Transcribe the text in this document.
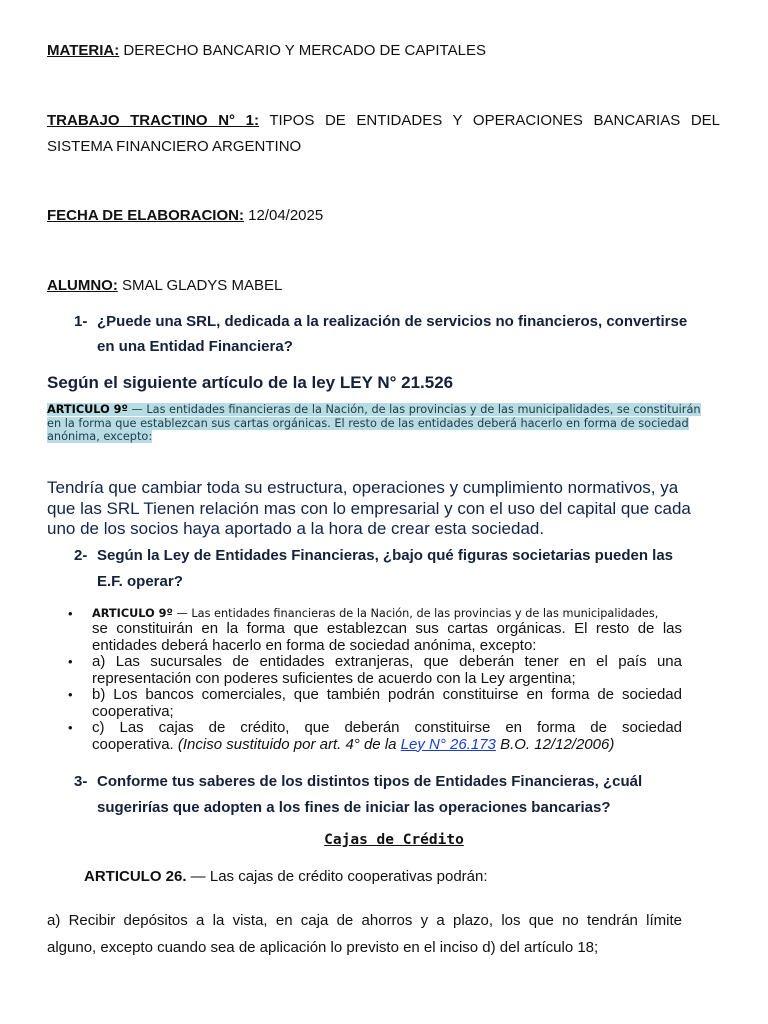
MATERIA: DERECHO BANCARIO Y MERCADO DE CAPITALES
TRABAJO TRACTINO N° 1: TIPOS DE ENTIDADES Y OPERACIONES BANCARIAS DEL
SISTEMA FINANCIERO ARGENTINO
FECHA DE ELABORACION: 12/04/2025
ALUMNO: SMAL GLADYS MABEL
1- ¿Puede una SRL, dedicada a la realización de servicios no financieros, convertirse
en una Entidad Financiera?
Según el siguiente artículo de la ley LEY N° 21.526
ARTICULO 9º — Las entidades financieras de la Nación, de las provincias y de las municipalidades, se constituirán
en la forma que establezcan sus cartas orgánicas. El resto de las entidades deberá hacerlo en forma de sociedad
anónima, excepto:
Tendría que cambiar toda su estructura, operaciones y cumplimiento normativos, ya
que las SRL Tienen relación mas con lo empresarial y con el uso del capital que cada
uno de los socios haya aportado a la hora de crear esta sociedad.
2- Según la Ley de Entidades Financieras, ¿bajo qué figuras societarias pueden las
E.F. operar?
• ARTICULO 9º — Las entidades financieras de la Nación, de las provincias y de las municipalidades,
se constituirán en la forma que establezcan sus cartas orgánicas. El resto de las
entidades deberá hacerlo en forma de sociedad anónima, excepto:
• a) Las sucursales de entidades extranjeras, que deberán tener en el país una
representación con poderes suficientes de acuerdo con la Ley argentina;
• b) Los bancos comerciales, que también podrán constituirse en forma de sociedad
cooperativa;
• c) Las cajas de crédito, que deberán constituirse en forma de sociedad
cooperativa. (Inciso sustituido por art. 4° de la Ley N° 26.173 B.O. 12/12/2006)
3- Conforme tus saberes de los distintos tipos de Entidades Financieras, ¿cuál
sugerirías que adopten a los fines de iniciar las operaciones bancarias?
Cajas de Crédito
ARTICULO 26. — Las cajas de crédito cooperativas podrán:
a) Recibir depósitos a la vista, en caja de ahorros y a plazo, los que no tendrán límite
alguno, excepto cuando sea de aplicación lo previsto en el inciso d) del artículo 18;
